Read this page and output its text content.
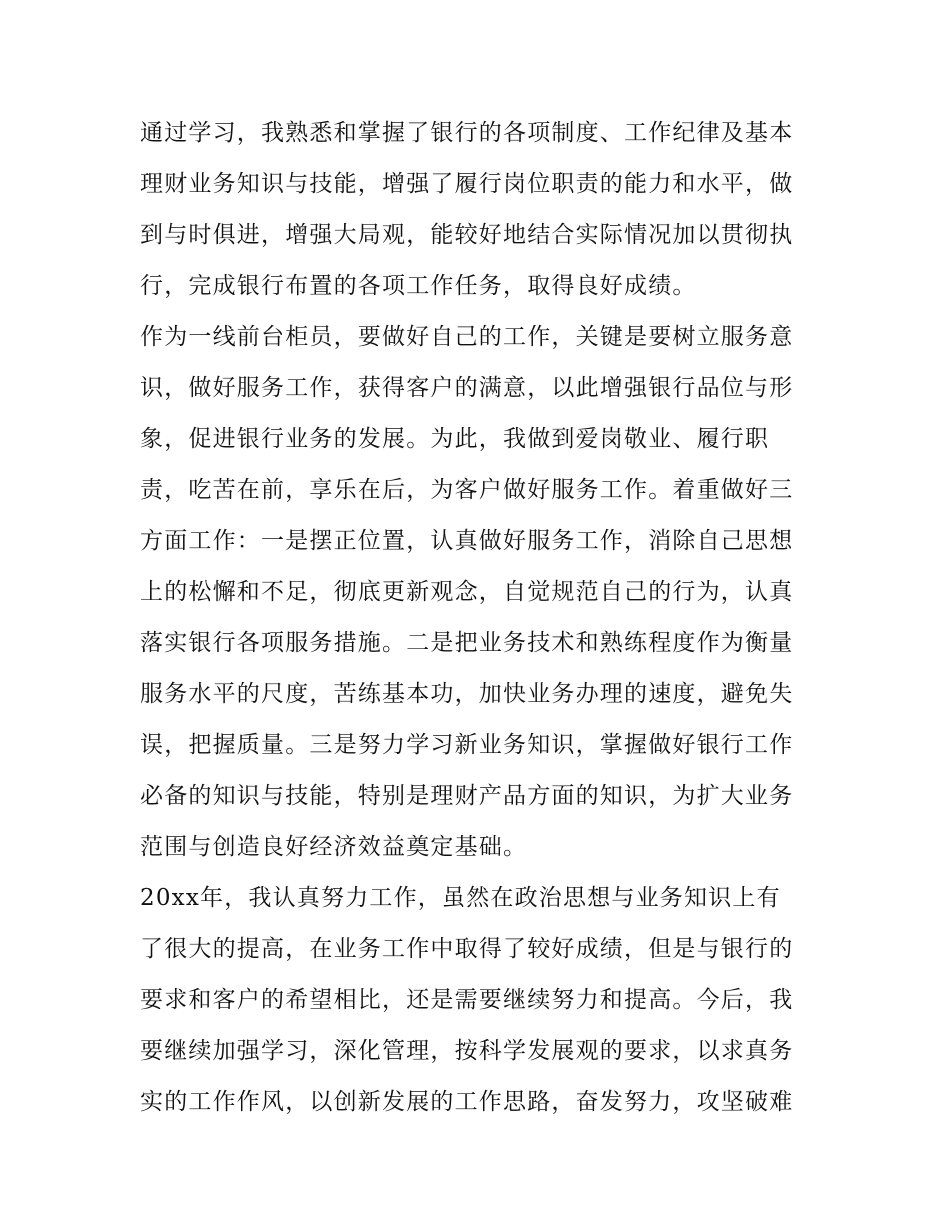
通过学习，我熟悉和掌握了银行的各项制度、工作纪律及基本
理财业务知识与技能，增强了履行岗位职责的能力和水平，做
到与时俱进，增强大局观，能较好地结合实际情况加以贯彻执
行，完成银行布置的各项工作任务，取得良好成绩。
作为一线前台柜员，要做好自己的工作，关键是要树立服务意
识，做好服务工作，获得客户的满意，以此增强银行品位与形
象，促进银行业务的发展。为此，我做到爱岗敬业、履行职
责，吃苦在前，享乐在后，为客户做好服务工作。着重做好三
方面工作：一是摆正位置，认真做好服务工作，消除自己思想
上的松懈和不足，彻底更新观念，自觉规范自己的行为，认真
落实银行各项服务措施。二是把业务技术和熟练程度作为衡量
服务水平的尺度，苦练基本功，加快业务办理的速度，避免失
误，把握质量。三是努力学习新业务知识，掌握做好银行工作
必备的知识与技能，特别是理财产品方面的知识，为扩大业务
范围与创造良好经济效益奠定基础。
20xx年，我认真努力工作，虽然在政治思想与业务知识上有
了很大的提高，在业务工作中取得了较好成绩，但是与银行的
要求和客户的希望相比，还是需要继续努力和提高。今后，我
要继续加强学习，深化管理，按科学发展观的要求，以求真务
实的工作作风，以创新发展的工作思路，奋发努力，攻坚破难
